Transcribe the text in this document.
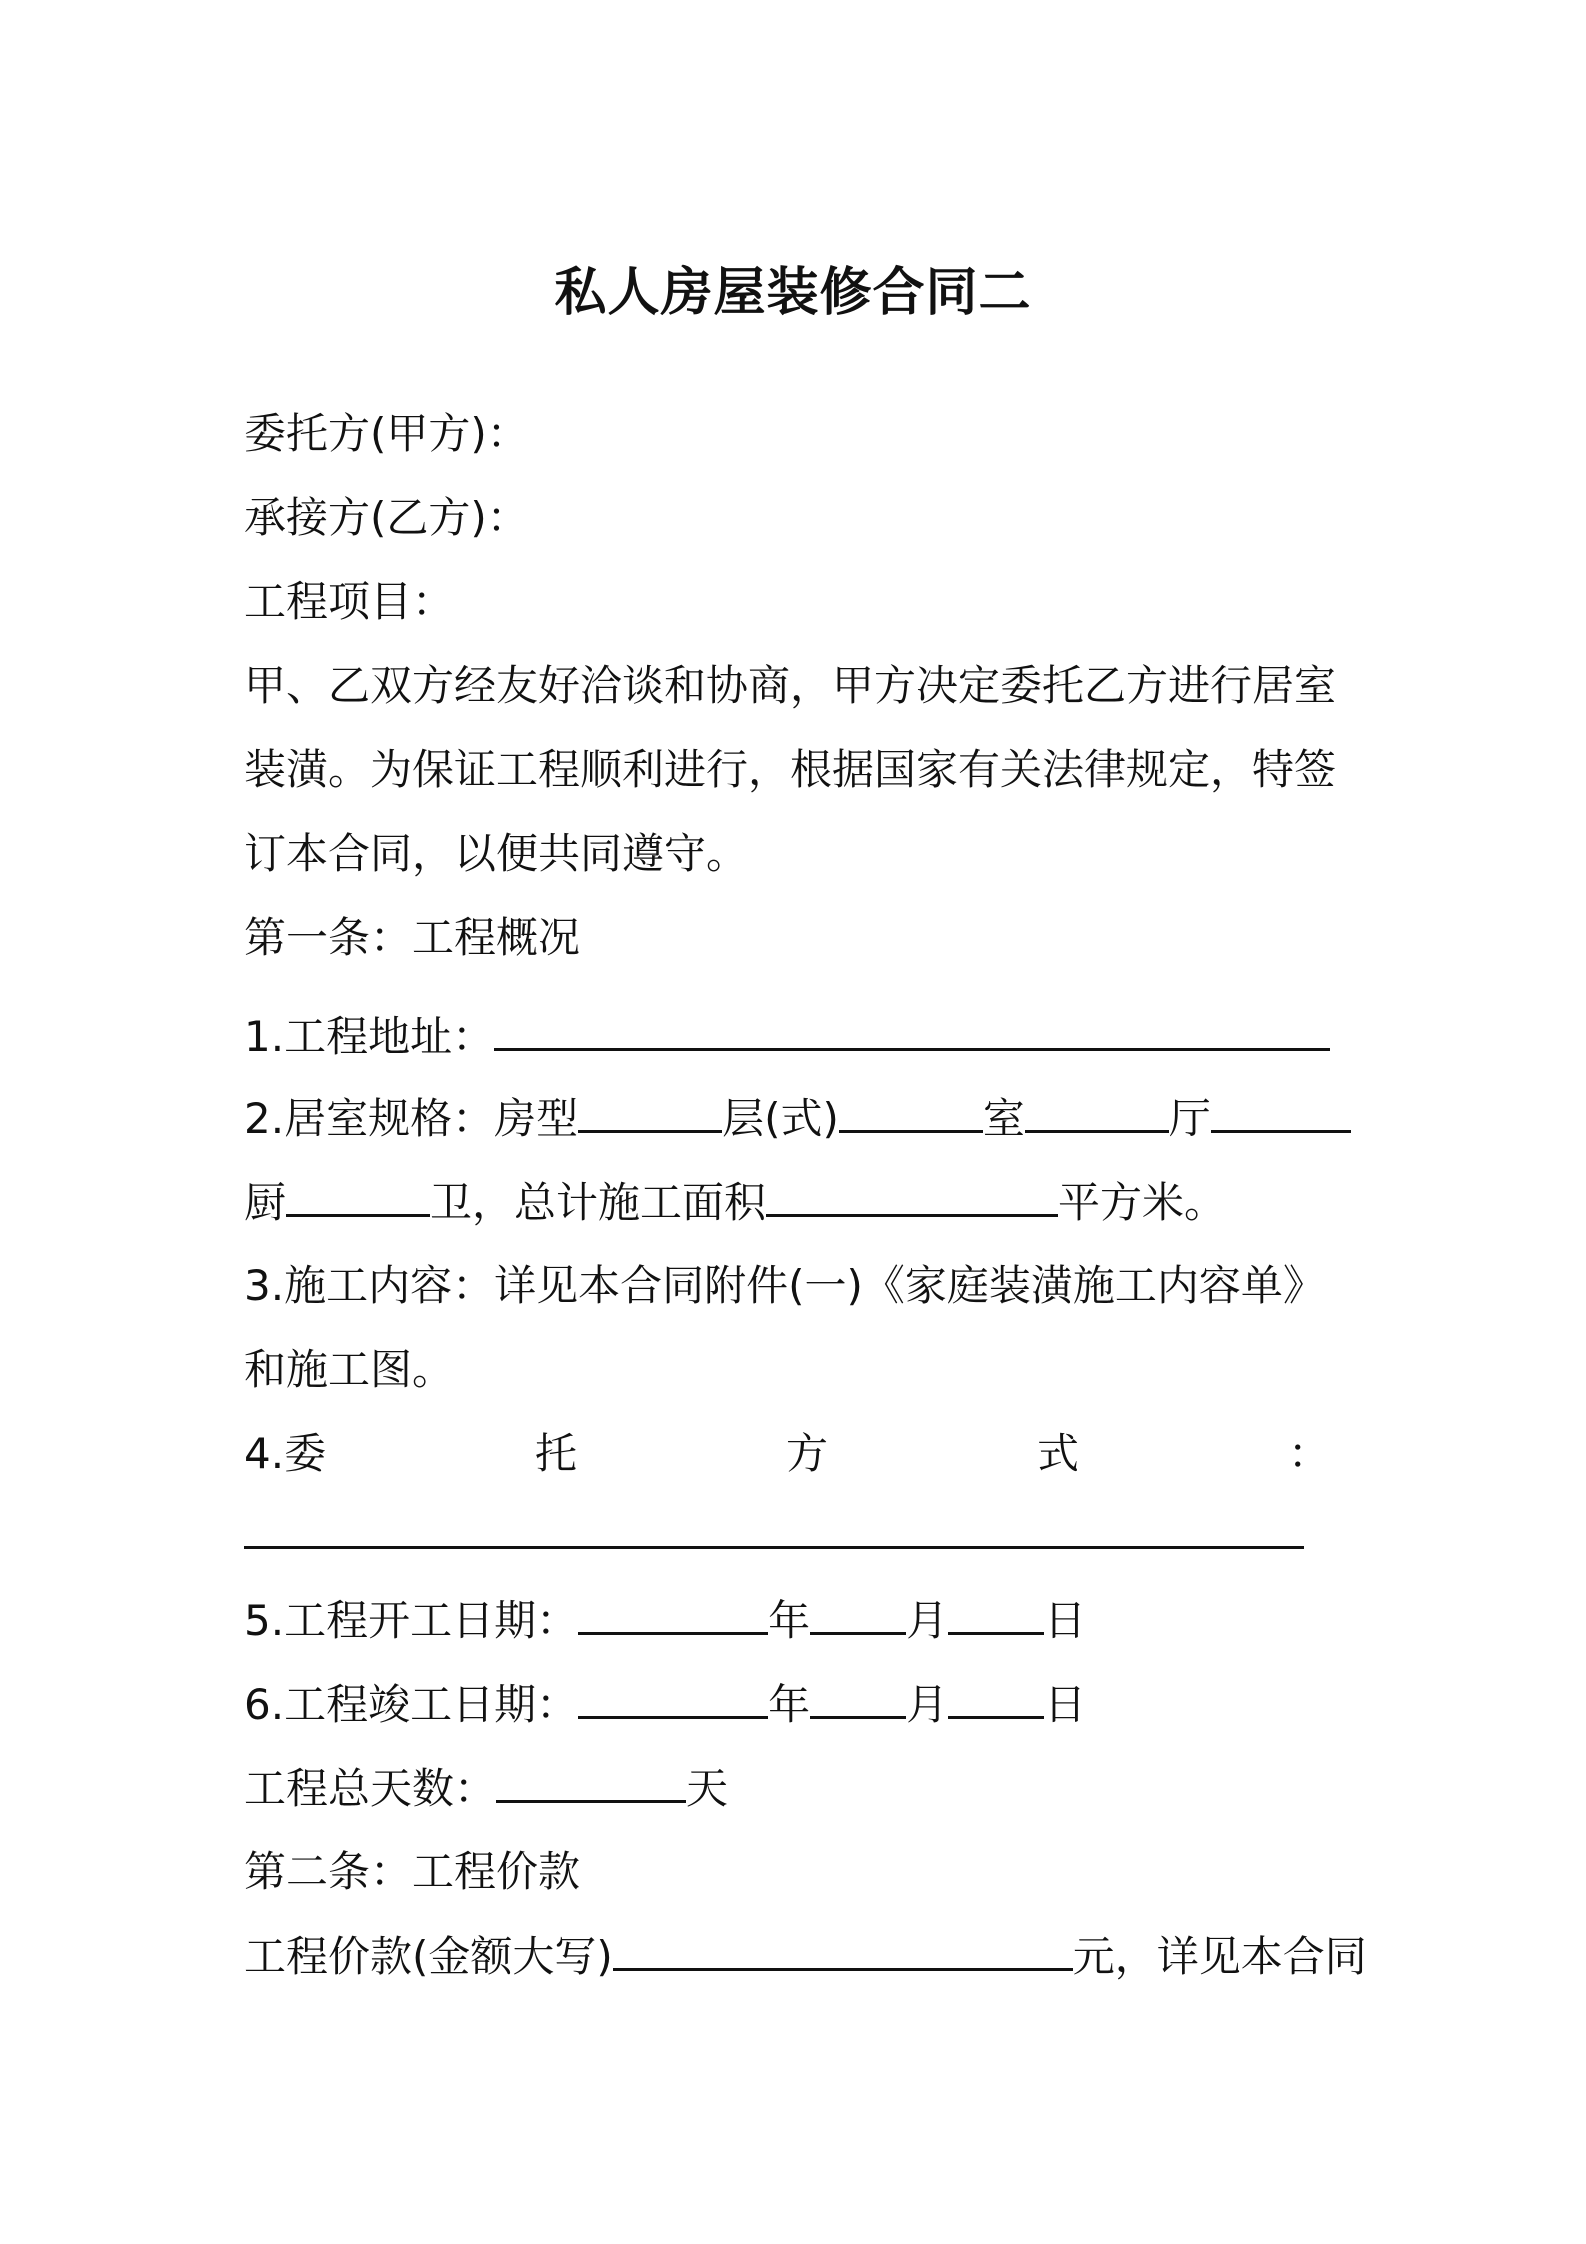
私人房屋装修合同二
委托方(甲方)：
承接方(乙方)：
工程项目：
甲、乙双方经友好洽谈和协商，甲方决定委托乙方进行居室
装潢。为保证工程顺利进行，根据国家有关法律规定，特签
订本合同，以便共同遵守。
第一条：工程概况
1.工程地址：
2.居室规格：房型	层(式)	室	厅
厨	卫，总计施工面积	平方米。
3.施工内容：详见本合同附件(一)《家庭装潢施工内容单》
和施工图。
4.委	托	方	式	：
5.工程开工日期：	年 月 日
6.工程竣工日期：	年 月 日
工程总天数：	天
第二条：工程价款
工程价款(金额大写)	元，详见本合同
